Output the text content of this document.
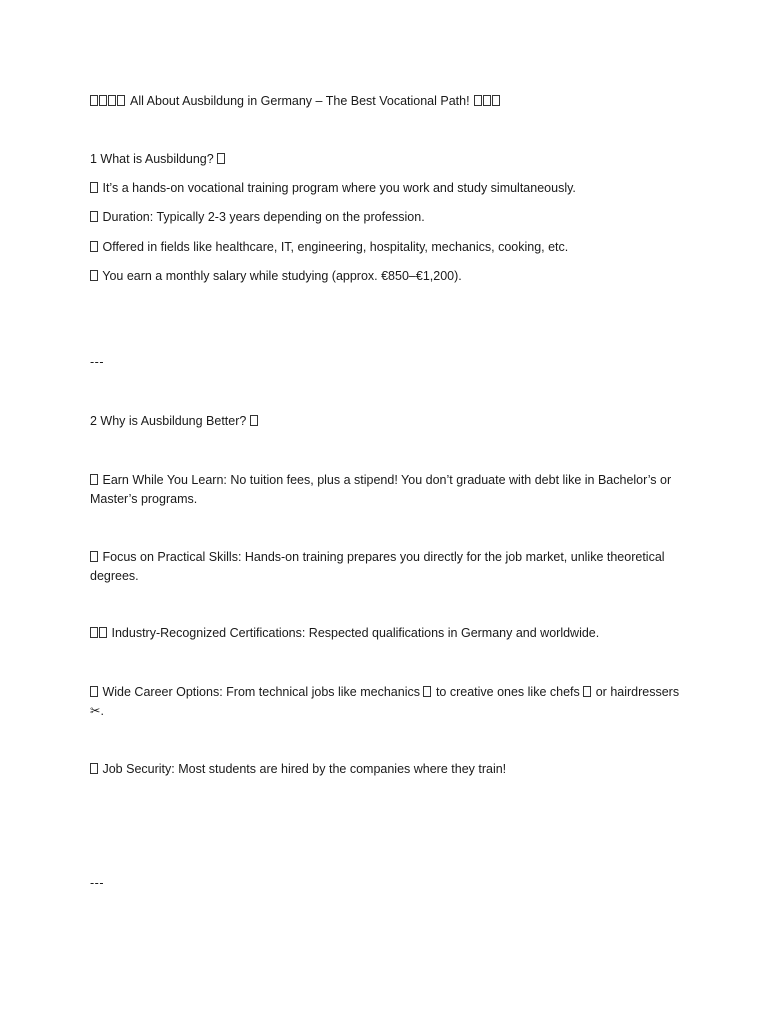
All About Ausbildung in Germany – The Best Vocational Path!
1 What is Ausbildung?
It’s a hands-on vocational training program where you work and study simultaneously.
Duration: Typically 2-3 years depending on the profession.
Offered in fields like healthcare, IT, engineering, hospitality, mechanics, cooking, etc.
You earn a monthly salary while studying (approx. €850–€1,200).
---
2 Why is Ausbildung Better?
Earn While You Learn: No tuition fees, plus a stipend! You don’t graduate with debt like in Bachelor’s or Master’s programs.
Focus on Practical Skills: Hands-on training prepares you directly for the job market, unlike theoretical degrees.
Industry-Recognized Certifications: Respected qualifications in Germany and worldwide.
Wide Career Options: From technical jobs like mechanics to creative ones like chefs or hairdressers ✂.
Job Security: Most students are hired by the companies where they train!
---
